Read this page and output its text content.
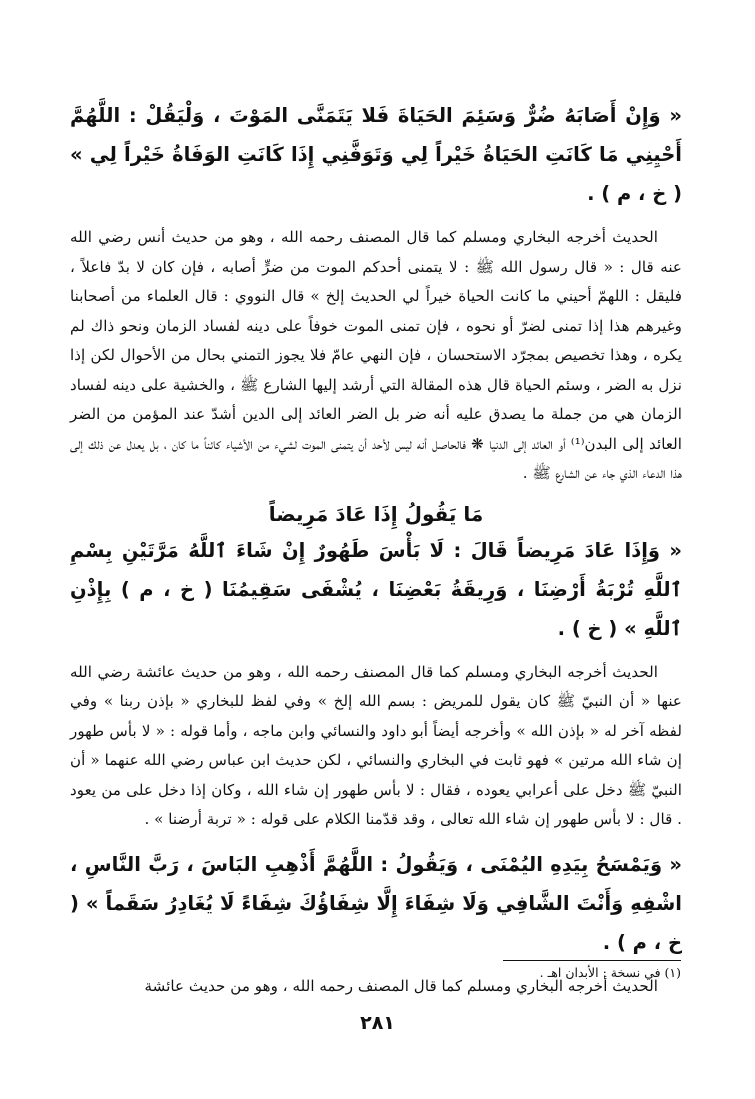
« وَإِنْ أَصَابَهُ ضُرٌّ وَسَئِمَ الحَيَاةَ فَلا يَتَمَنَّى المَوْتَ ، وَلْيَقُلْ : اللَّهُمَّ أَحْيِنِي مَا كَانَتِ الحَيَاةُ خَيْراً لِي وَتَوَفَّنِي إِذَا كَانَتِ الوَفَاةُ خَيْراً لِي » ( خ ، م ) .

الحديث أخرجه البخاري ومسلم كما قال المصنف رحمه الله ، وهو من حديث أنس رضي الله عنه قال : « قال رسول الله ﷺ : لا يتمنى أحدكم الموت من ضرٍّ أصابه ، فإن كان لا بدّ فاعلاً ، فليقل : اللهمّ أحيني ما كانت الحياة خيراً لي الحديث إلخ » قال النووي : قال العلماء من أصحابنا وغيرهم هذا إذا تمنى لضرّ أو نحوه ، فإن تمنى الموت خوفاً على دينه لفساد الزمان ونحو ذاك لم يكره ، وهذا تخصيص بمجرّد الاستحسان ، فإن النهي عامّ فلا يجوز التمني بحال من الأحوال لكن إذا نزل به الضر ، وسئم الحياة قال هذه المقالة التي أرشد إليها الشارع ﷺ ، والخشية على دينه لفساد الزمان هي من جملة ما يصدق عليه أنه ضر بل الضر العائد إلى الدين أشدّ عند المؤمن من الضر العائد إلى البدن⁽¹⁾ أو العائد إلى الدنيا ❋ فالحاصل أنه ليس لأحد أن يتمنى الموت لشيء من الأشياء كائناً ما كان ، بل يعدل عن ذلك إلى هذا الدعاء الذي جاء عن الشارع ﷺ .

مَا يَقُولُ إِذَا عَادَ مَرِيضاً

« وَإِذَا عَادَ مَرِيضاً قَالَ : لَا بَأْسَ طَهُورٌ إِنْ شَاءَ ٱللَّهُ مَرَّتَيْنِ بِسْمِ ٱللَّهِ تُرْبَةُ أَرْضِنَا ، وَرِيقَةُ بَعْضِنَا ، يُشْفَى سَقِيمُنَا ( خ ، م ) بِإِذْنِ ٱللَّهِ » ( خ ) .

الحديث أخرجه البخاري ومسلم كما قال المصنف رحمه الله ، وهو من حديث عائشة رضي الله عنها « أن النبيّ ﷺ كان يقول للمريض : بسم الله إلخ » وفي لفظ للبخاري « بإذن ربنا » وفي لفظه آخر له « بإذن الله » وأخرجه أيضاً أبو داود والنسائي وابن ماجه ، وأما قوله : « لا بأس طهور إن شاء الله مرتين » فهو ثابت في البخاري والنسائي ، لكن حديث ابن عباس رضي الله عنهما « أن النبيّ ﷺ دخل على أعرابي يعوده ، فقال : لا بأس طهور إن شاء الله ، وكان إذا دخل على من يعود . قال : لا بأس طهور إن شاء الله تعالى ، وقد قدّمنا الكلام على قوله : « تربة أرضنا » .

« وَيَمْسَحُ بِيَدِهِ اليُمْنَى ، وَيَقُولُ : اللَّهُمَّ أَذْهِبِ البَاسَ ، رَبَّ النَّاسِ ، اشْفِهِ وَأَنْتَ الشَّافِي وَلَا شِفَاءَ إِلَّا شِفَاؤُكَ شِفَاءً لَا يُغَادِرُ سَقَماً » ( خ ، م ) .

الحديث أخرجه البخاري ومسلم كما قال المصنف رحمه الله ، وهو من حديث عائشة

(١) في نسخة : الأبدان اهـ .
٢٨١
